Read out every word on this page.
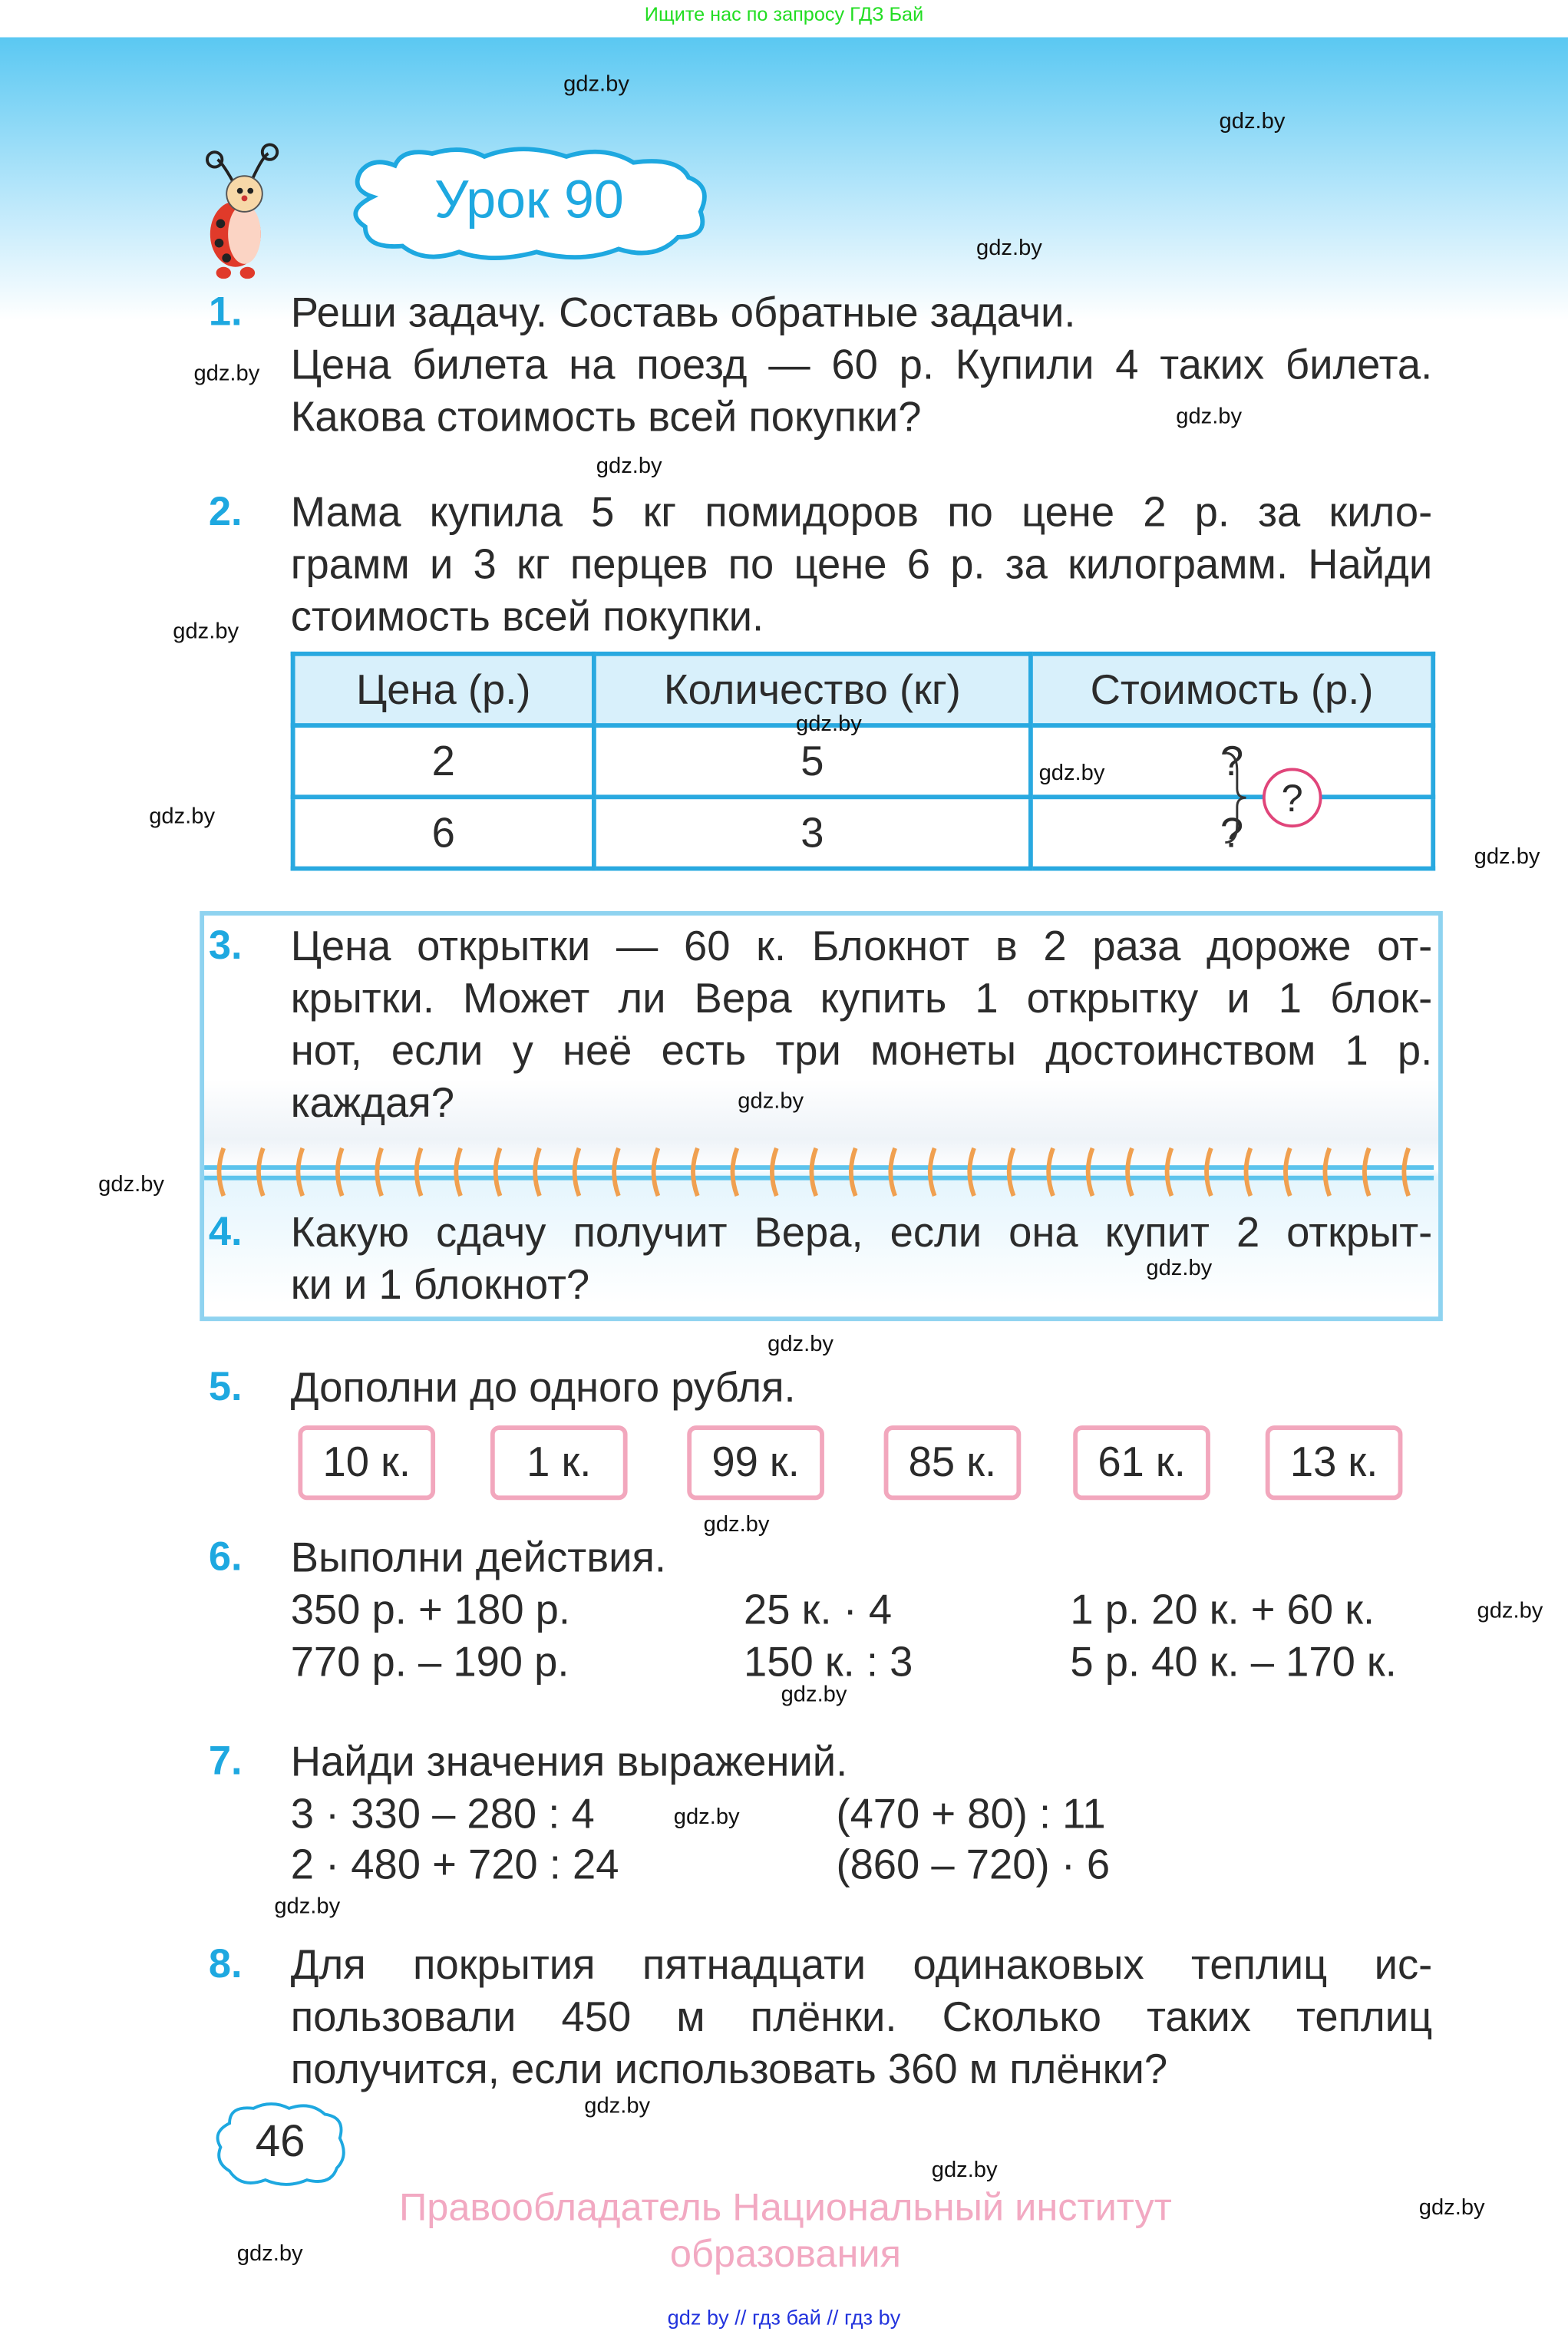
Ищите нас по запросу ГДЗ Бай
Урок 90
1. Реши задачу. Составь обратные задачи.
Цена билета на поезд — 60 р. Купили 4 таких билета.
Какова стоимость всей покупки?
2. Мама купила 5 кг помидоров по цене 2 р. за кило-
грамм и 3 кг перцев по цене 6 р. за килограмм. Найди
стоимость всей покупки.
Цена (р.)	Количество (кг)	Стоимость (р.)
2	5	?
6	3	?
?
3. Цена открытки — 60 к. Блокнот в 2 раза дороже от-
крытки. Может ли Вера купить 1 открытку и 1 блок-
нот, если у неё есть три монеты достоинством 1 р.
каждая?
4. Какую сдачу получит Вера, если она купит 2 открыт-
ки и 1 блокнот?
5. Дополни до одного рубля.
10 к.	1 к.	99 к.	85 к.	61 к.	13 к.
6. Выполни действия.
350 р. + 180 р.	25 к. · 4	1 р. 20 к. + 60 к.
770 р. – 190 р.	150 к. : 3	5 р. 40 к. – 170 к.
7. Найди значения выражений.
3 · 330 – 280 : 4	(470 + 80) : 11
2 · 480 + 720 : 24	(860 – 720) · 6
8. Для покрытия пятнадцати одинаковых теплиц ис-
пользовали 450 м плёнки. Сколько таких теплиц
получится, если использовать 360 м плёнки?
46
Правообладатель Национальный институт образования
gdz by // гдз бай // гдз by
gdz.by
gdz.by
gdz.by
gdz.by
gdz.by
gdz.by
gdz.by
gdz.by
gdz.by
gdz.by
gdz.by
gdz.by
gdz.by
gdz.by
gdz.by
gdz.by
gdz.by
gdz.by
gdz.by
gdz.by
gdz.by
gdz.by
gdz.by
gdz.by
